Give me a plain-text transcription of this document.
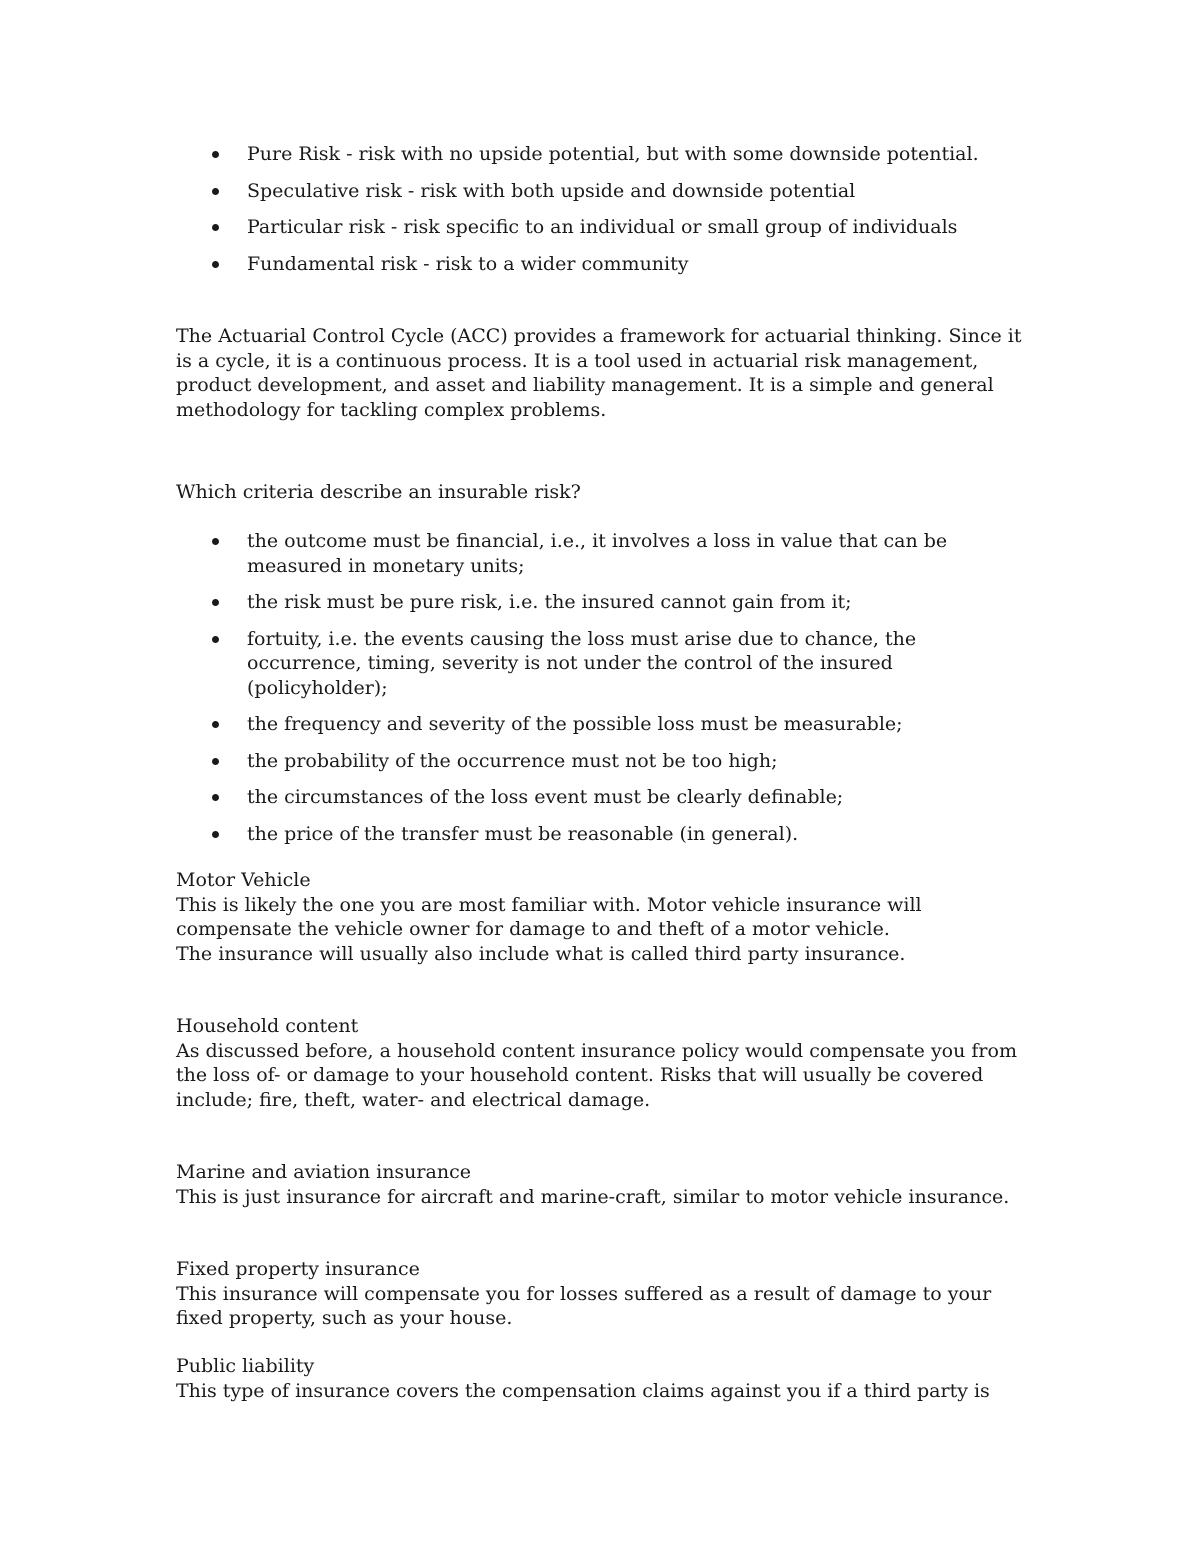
Pure Risk - risk with no upside potential, but with some downside potential.
Speculative risk - risk with both upside and downside potential
Particular risk - risk specific to an individual or small group of individuals
Fundamental risk - risk to a wider community

The Actuarial Control Cycle (ACC) provides a framework for actuarial thinking. Since it is a cycle, it is a continuous process. It is a tool used in actuarial risk management, product development, and asset and liability management. It is a simple and general methodology for tackling complex problems.

Which criteria describe an insurable risk?

the outcome must be financial, i.e., it involves a loss in value that can be measured in monetary units;
the risk must be pure risk, i.e. the insured cannot gain from it;
fortuity, i.e. the events causing the loss must arise due to chance, the occurrence, timing, severity is not under the control of the insured (policyholder);
the frequency and severity of the possible loss must be measurable;
the probability of the occurrence must not be too high;
the circumstances of the loss event must be clearly definable;
the price of the transfer must be reasonable (in general).

Motor Vehicle

This is likely the one you are most familiar with. Motor vehicle insurance will compensate the vehicle owner for damage to and theft of a motor vehicle.

The insurance will usually also include what is called third party insurance.

Household content

As discussed before, a household content insurance policy would compensate you from the loss of- or damage to your household content. Risks that will usually be covered include; fire, theft, water- and electrical damage.

Marine and aviation insurance

This is just insurance for aircraft and marine-craft, similar to motor vehicle insurance.

Fixed property insurance

This insurance will compensate you for losses suffered as a result of damage to your fixed property, such as your house.

Public liability

This type of insurance covers the compensation claims against you if a third party is
